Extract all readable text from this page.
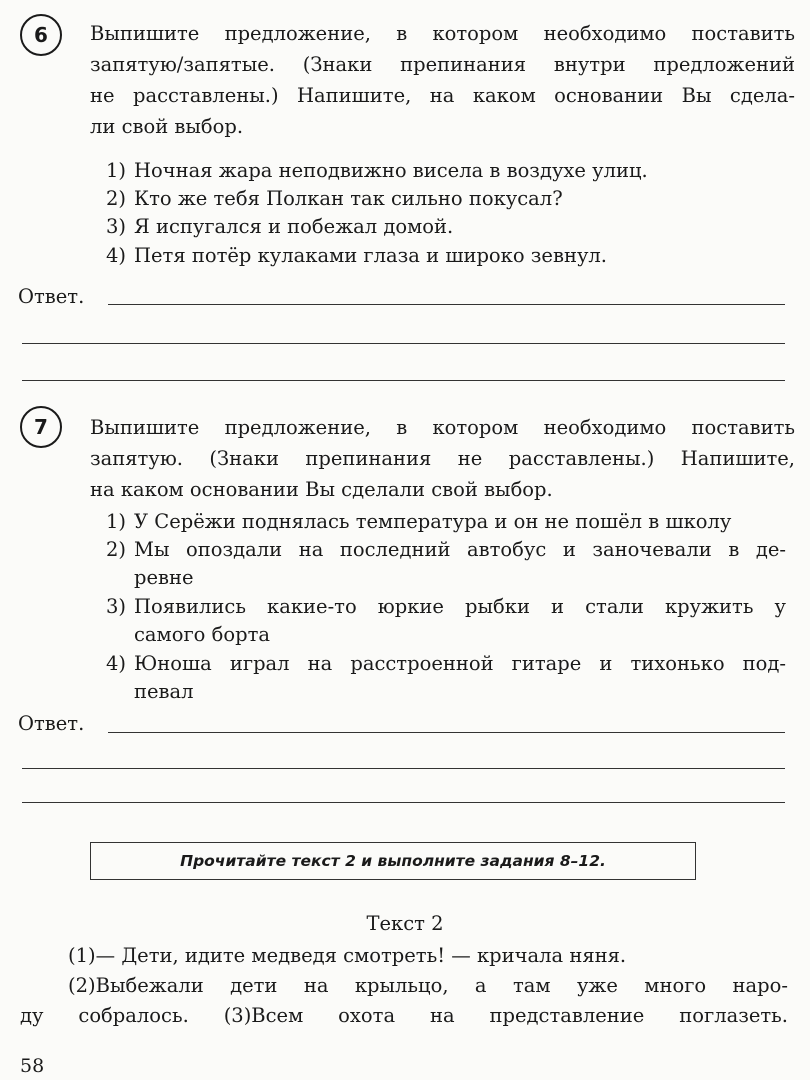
6 Выпишите предложение, в котором необходимо поставить
запятую/запятые. (Знаки препинания внутри предложений
не расставлены.) Напишите, на каком основании Вы сдела-
ли свой выбор.
1) Ночная жара неподвижно висела в воздухе улиц.
2) Кто же тебя Полкан так сильно покусал?
3) Я испугался и побежал домой.
4) Петя потёр кулаками глаза и широко зевнул.
Ответ.
7 Выпишите предложение, в котором необходимо поставить
запятую. (Знаки препинания не расставлены.) Напишите,
на каком основании Вы сделали свой выбор.
1) У Серёжи поднялась температура и он не пошёл в школу
2) Мы опоздали на последний автобус и заночевали в де-
ревне
3) Появились какие-то юркие рыбки и стали кружить у
самого борта
4) Юноша играл на расстроенной гитаре и тихонько под-
певал
Ответ.
Прочитайте текст 2 и выполните задания 8–12.
Текст 2
(1)— Дети, идите медведя смотреть! — кричала няня.
(2)Выбежали дети на крыльцо, а там уже много наро-
ду собралось. (3)Всем охота на представление поглазеть.
58
